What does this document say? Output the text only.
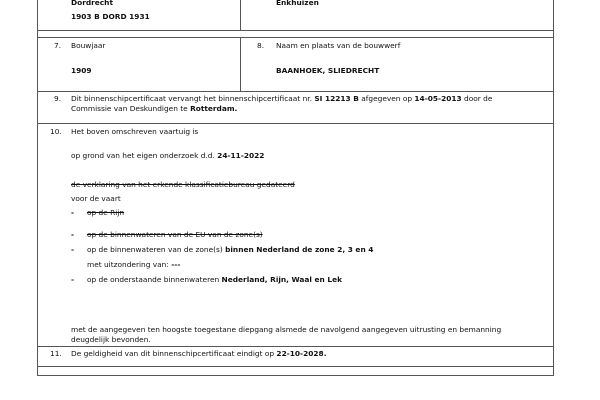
Dordrecht
1903 B DORD 1931
Enkhuizen
7. Bouwjaar
1909
8. Naam en plaats van de bouwwerf
BAANHOEK, SLIEDRECHT
9. Dit binnenschipcertificaat vervangt het binnenschipcertificaat nr. SI 12213 B afgegeven op 14-05-2013 door de
Commissie van Deskundigen te Rotterdam.
10. Het boven omschreven vaartuig is
op grond van het eigen onderzoek d.d. 24-11-2022
de verklaring van het erkende klassificatiebureau gedateerd
voor de vaart
- op de Rijn
- op de binnenwateren van de EU van de zone(s)
- op de binnenwateren van de zone(s) binnen Nederland de zone 2, 3 en 4
met uitzondering van: ---
- op de onderstaande binnenwateren Nederland, Rijn, Waal en Lek
met de aangegeven ten hoogste toegestane diepgang alsmede de navolgend aangegeven uitrusting en bemanning
deugdelijk bevonden.
11. De geldigheid van dit binnenschipcertificaat eindigt op 22-10-2028.
